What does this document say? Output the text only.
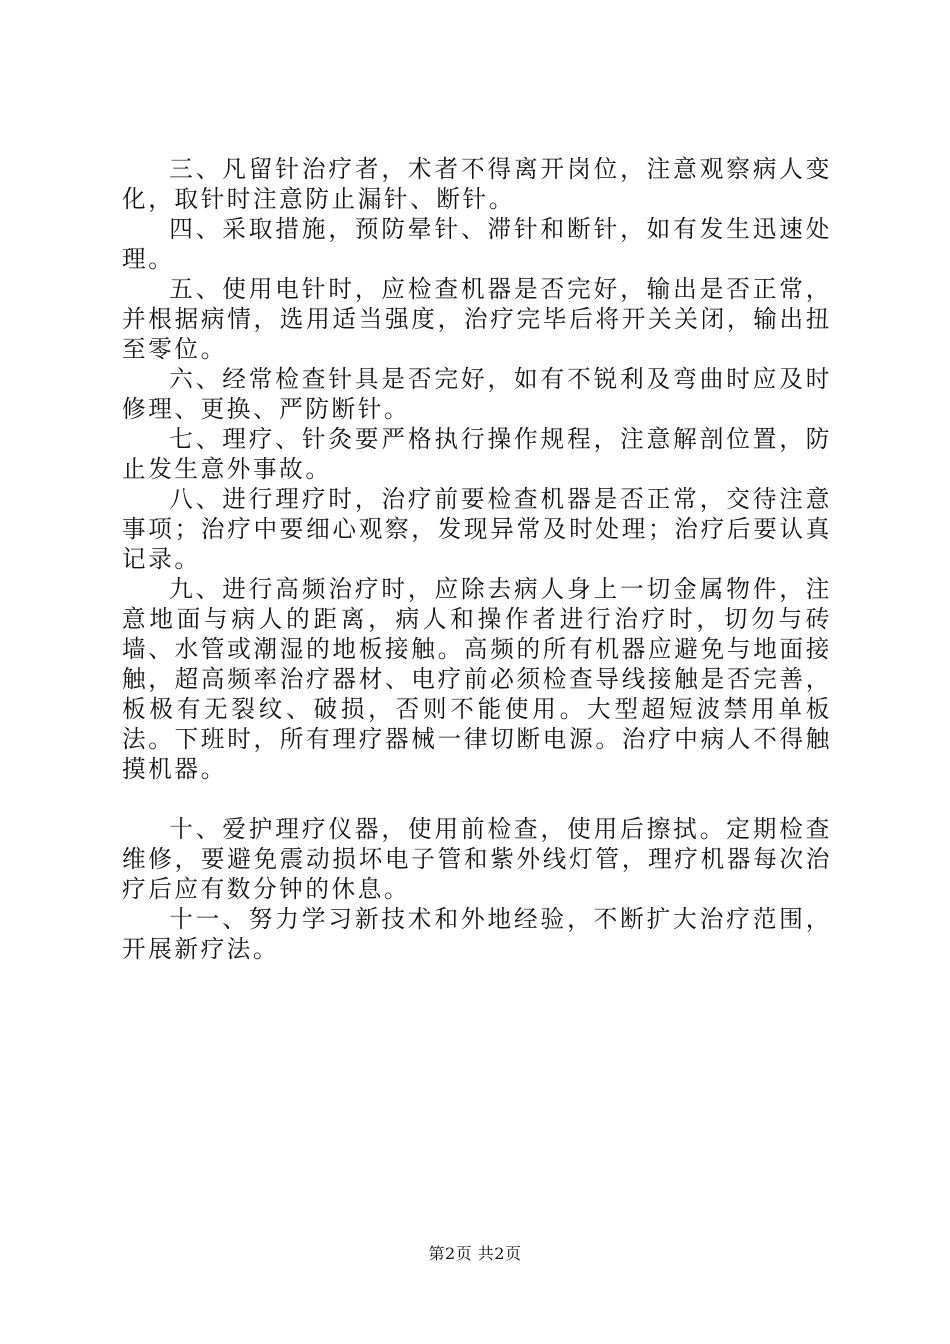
三、凡留针治疗者，术者不得离开岗位，注意观察病人变化，取针时注意防止漏针、断针。

四、采取措施，预防晕针、滞针和断针，如有发生迅速处理。

五、使用电针时，应检查机器是否完好，输出是否正常，并根据病情，选用适当强度，治疗完毕后将开关关闭，输出扭至零位。

六、经常检查针具是否完好，如有不锐利及弯曲时应及时修理、更换、严防断针。

七、理疗、针灸要严格执行操作规程，注意解剖位置，防止发生意外事故。

八、进行理疗时，治疗前要检查机器是否正常，交待注意事项；治疗中要细心观察，发现异常及时处理；治疗后要认真记录。

九、进行高频治疗时，应除去病人身上一切金属物件，注意地面与病人的距离，病人和操作者进行治疗时，切勿与砖墙、水管或潮湿的地板接触。高频的所有机器应避免与地面接触，超高频率治疗器材、电疗前必须检查导线接触是否完善，板极有无裂纹、破损，否则不能使用。大型超短波禁用单板法。下班时，所有理疗器械一律切断电源。治疗中病人不得触摸机器。

十、爱护理疗仪器，使用前检查，使用后擦拭。定期检查维修，要避免震动损坏电子管和紫外线灯管，理疗机器每次治疗后应有数分钟的休息。

十一、努力学习新技术和外地经验，不断扩大治疗范围，开展新疗法。

第2页 共2页
